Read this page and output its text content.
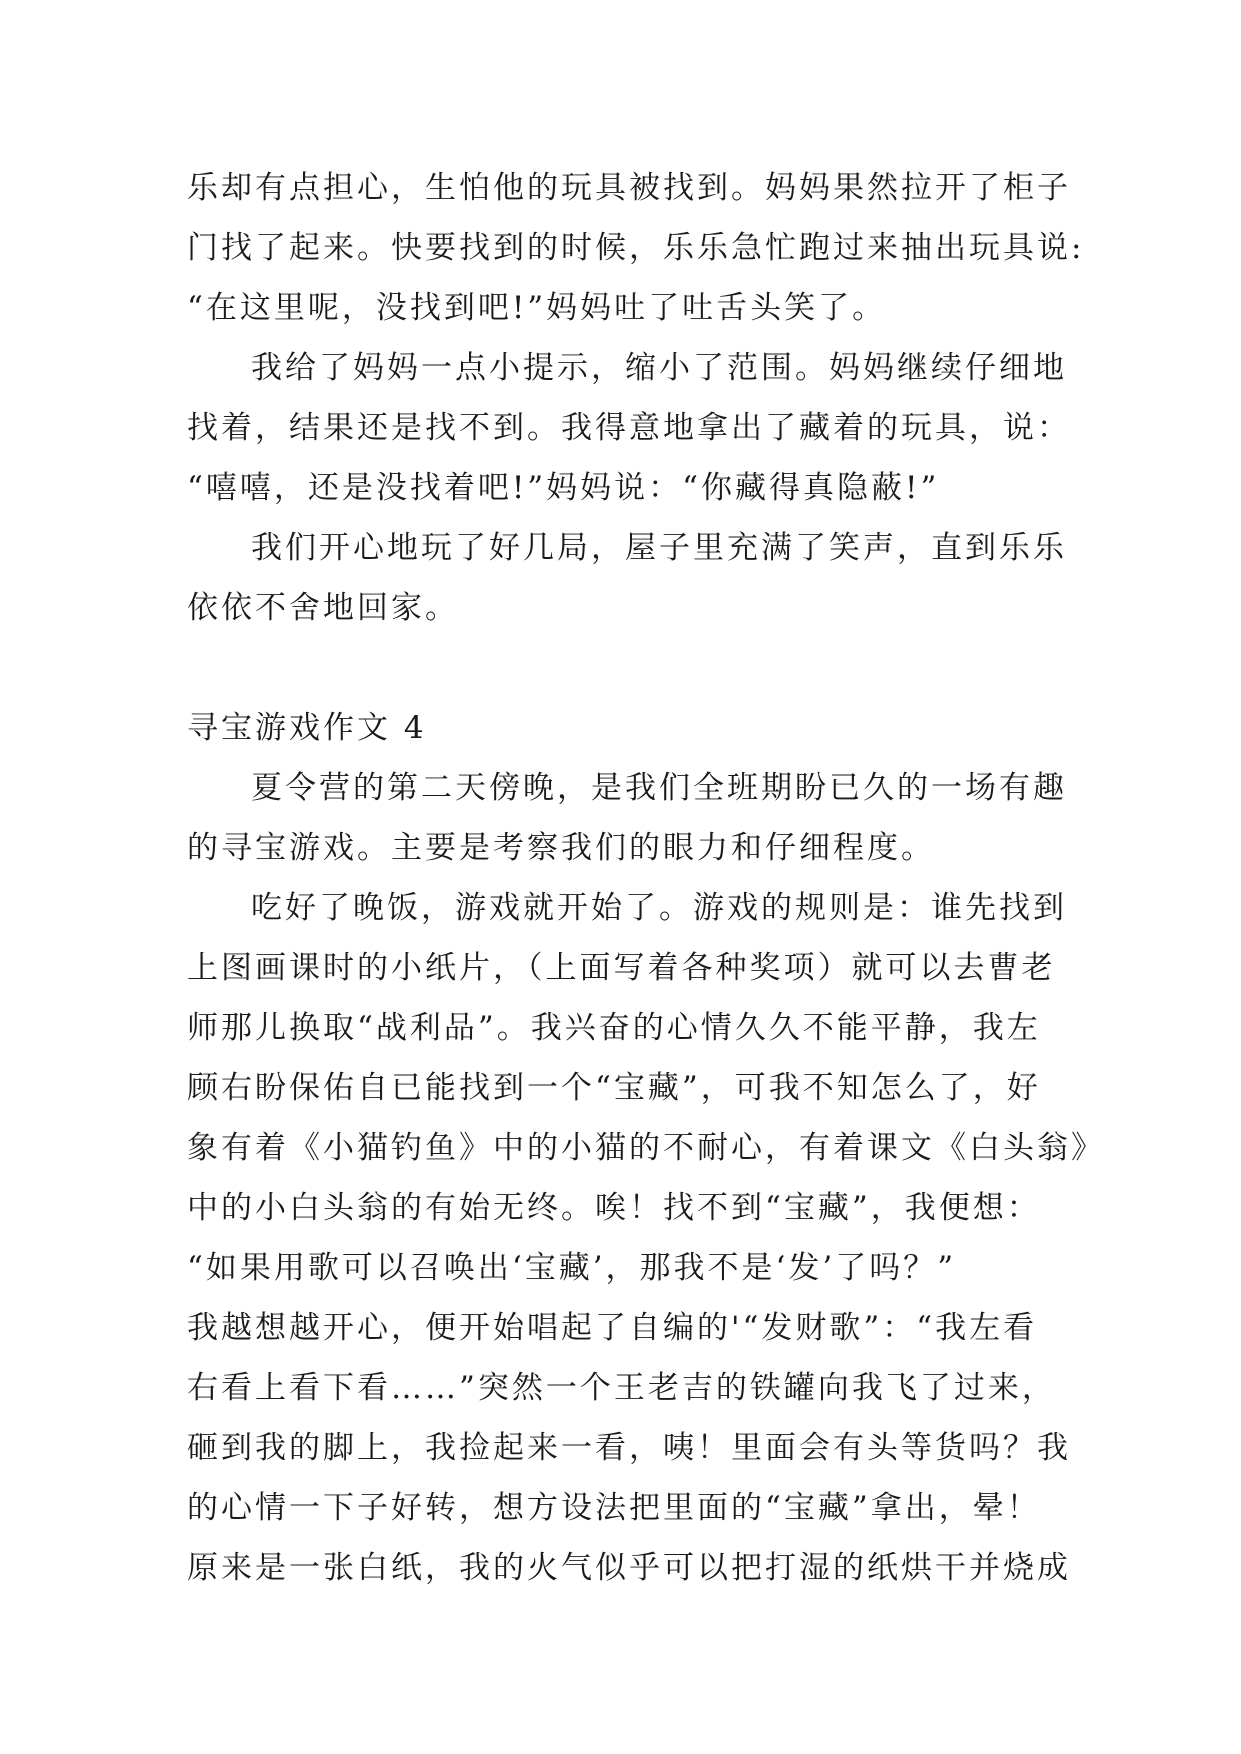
乐却有点担心，生怕他的玩具被找到。妈妈果然拉开了柜子
门找了起来。快要找到的时候，乐乐急忙跑过来抽出玩具说:
“在这里呢，没找到吧!”妈妈吐了吐舌头笑了。
我给了妈妈一点小提示，缩小了范围。妈妈继续仔细地
找着，结果还是找不到。我得意地拿出了藏着的玩具，说：
“嘻嘻，还是没找着吧!”妈妈说：“你藏得真隐蔽!”
我们开心地玩了好几局，屋子里充满了笑声，直到乐乐
依依不舍地回家。
寻宝游戏作文 4
夏令营的第二天傍晚，是我们全班期盼已久的一场有趣
的寻宝游戏。主要是考察我们的眼力和仔细程度。
吃好了晚饭，游戏就开始了。游戏的规则是：谁先找到
上图画课时的小纸片，（上面写着各种奖项）就可以去曹老
师那儿换取“战利品”。我兴奋的心情久久不能平静，我左
顾右盼保佑自已能找到一个“宝藏”，可我不知怎么了，好
象有着《小猫钓鱼》中的小猫的不耐心，有着课文《白头翁》
中的小白头翁的有始无终。唉！找不到“宝藏”，我便想：
“如果用歌可以召唤出‘宝藏’，那我不是‘发’了吗？”
我越想越开心，便开始唱起了自编的'“发财歌”：“我左看
右看上看下看……”突然一个王老吉的铁罐向我飞了过来，
砸到我的脚上，我捡起来一看，咦！里面会有头等货吗？我
的心情一下子好转，想方设法把里面的“宝藏”拿出，晕！
原来是一张白纸，我的火气似乎可以把打湿的纸烘干并烧成
